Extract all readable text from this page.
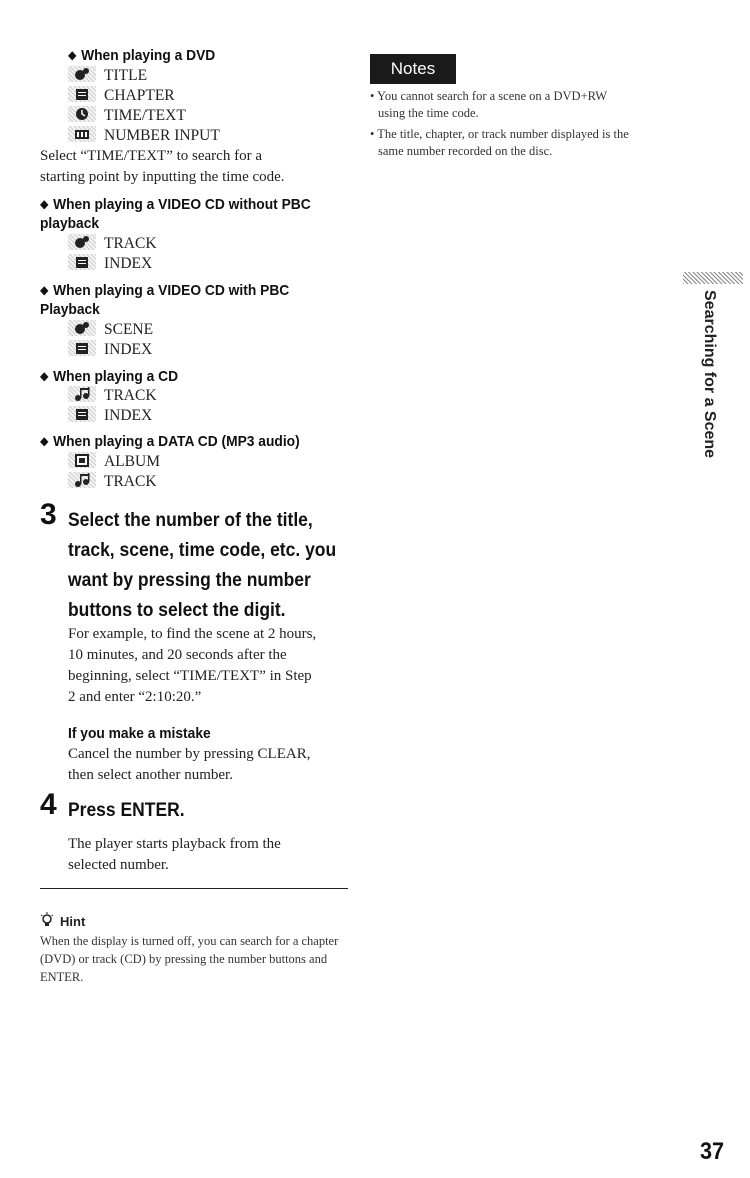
◆ When playing a DVD
TITLE
CHAPTER
TIME/TEXT
NUMBER INPUT
Select “TIME/TEXT” to search for a
starting point by inputting the time code.
◆ When playing a VIDEO CD without PBC
playback
TRACK
INDEX
◆ When playing a VIDEO CD with PBC
Playback
SCENE
INDEX
◆ When playing a CD
TRACK
INDEX
◆ When playing a DATA CD (MP3 audio)
ALBUM
TRACK
3 Select the number of the title,
track, scene, time code, etc. you
want by pressing the number
buttons to select the digit.
For example, to find the scene at 2 hours,
10 minutes, and 20 seconds after the
beginning, select “TIME/TEXT” in Step
2 and enter “2:10:20.”
If you make a mistake
Cancel the number by pressing CLEAR,
then select another number.
4 Press ENTER.
The player starts playback from the
selected number.
Hint
When the display is turned off, you can search for a chapter (DVD) or track (CD) by pressing the number buttons and ENTER.
Notes
• You cannot search for a scene on a DVD+RW
using the time code.
• The title, chapter, or track number displayed is the
same number recorded on the disc.
Searching for a Scene
37
